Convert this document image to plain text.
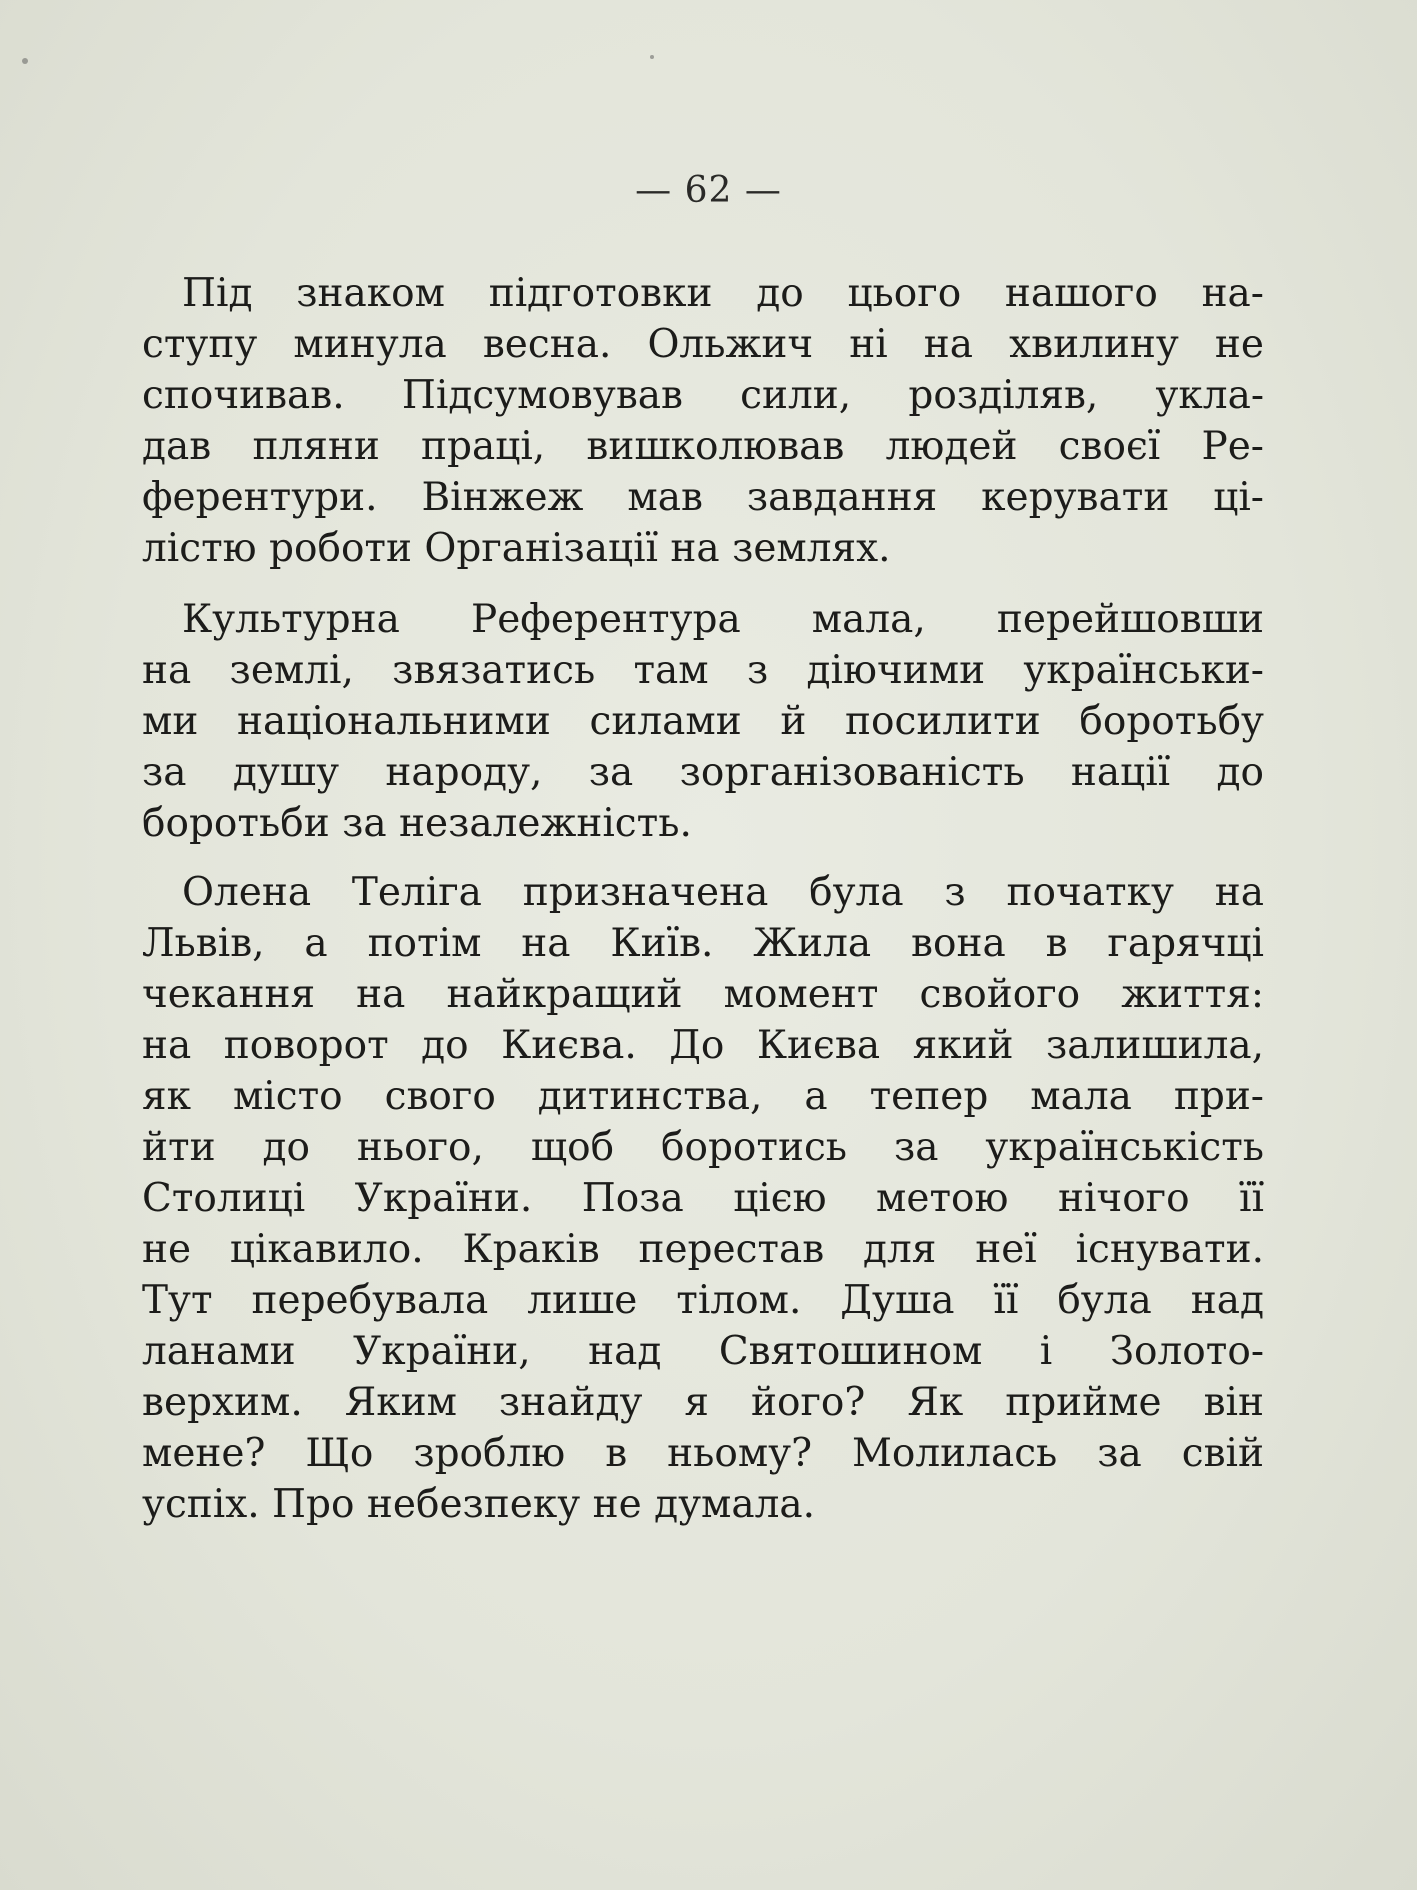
— 62 —
Під знаком підготовки до цього нашого на-
ступу минула весна. Ольжич ні на хвилину не
спочивав. Підсумовував сили, розділяв, укла-
дав пляни праці, вишколював людей своєї Ре-
ферентури. Вінжеж мав завдання керувати ці-
лістю роботи Організації на землях.
Культурна Референтура мала, перейшовши
на землі, звязатись там з діючими українськи-
ми національними силами й посилити боротьбу
за душу народу, за зорганізованість нації до
боротьби за незалежність.
Олена Теліга призначена була з початку на
Львів, а потім на Київ. Жила вона в гарячці
чекання на найкращий момент свойого життя:
на поворот до Києва. До Києва який залишила,
як місто свого дитинства, а тепер мала при-
йти до нього, щоб боротись за українськість
Столиці України. Поза цією метою нічого її
не цікавило. Краків перестав для неї існувати.
Тут перебувала лише тілом. Душа її була над
ланами України, над Святошином і Золото-
верхим. Яким знайду я його? Як прийме він
мене? Що зроблю в ньому? Молилась за свій
успіх. Про небезпеку не думала.
